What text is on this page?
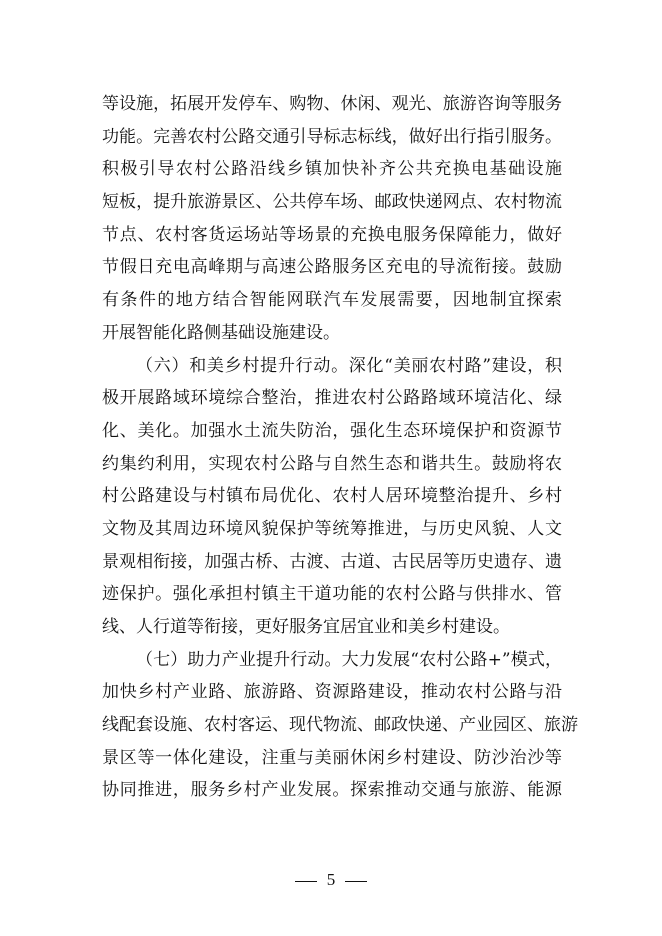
等设施，拓展开发停车、购物、休闲、观光、旅游咨询等服务
功能。完善农村公路交通引导标志标线，做好出行指引服务。
积极引导农村公路沿线乡镇加快补齐公共充换电基础设施
短板，提升旅游景区、公共停车场、邮政快递网点、农村物流
节点、农村客货运场站等场景的充换电服务保障能力，做好
节假日充电高峰期与高速公路服务区充电的导流衔接。鼓励
有条件的地方结合智能网联汽车发展需要，因地制宜探索
开展智能化路侧基础设施建设。
（六）和美乡村提升行动。深化“美丽农村路”建设，积
极开展路域环境综合整治，推进农村公路路域环境洁化、绿
化、美化。加强水土流失防治，强化生态环境保护和资源节
约集约利用，实现农村公路与自然生态和谐共生。鼓励将农
村公路建设与村镇布局优化、农村人居环境整治提升、乡村
文物及其周边环境风貌保护等统筹推进，与历史风貌、人文
景观相衔接，加强古桥、古渡、古道、古民居等历史遗存、遗
迹保护。强化承担村镇主干道功能的农村公路与供排水、管
线、人行道等衔接，更好服务宜居宜业和美乡村建设。
（七）助力产业提升行动。大力发展“农村公路+”模式，
加快乡村产业路、旅游路、资源路建设，推动农村公路与沿
线配套设施、农村客运、现代物流、邮政快递、产业园区、旅游
景区等一体化建设，注重与美丽休闲乡村建设、防沙治沙等
协同推进，服务乡村产业发展。探索推动交通与旅游、能源
5
